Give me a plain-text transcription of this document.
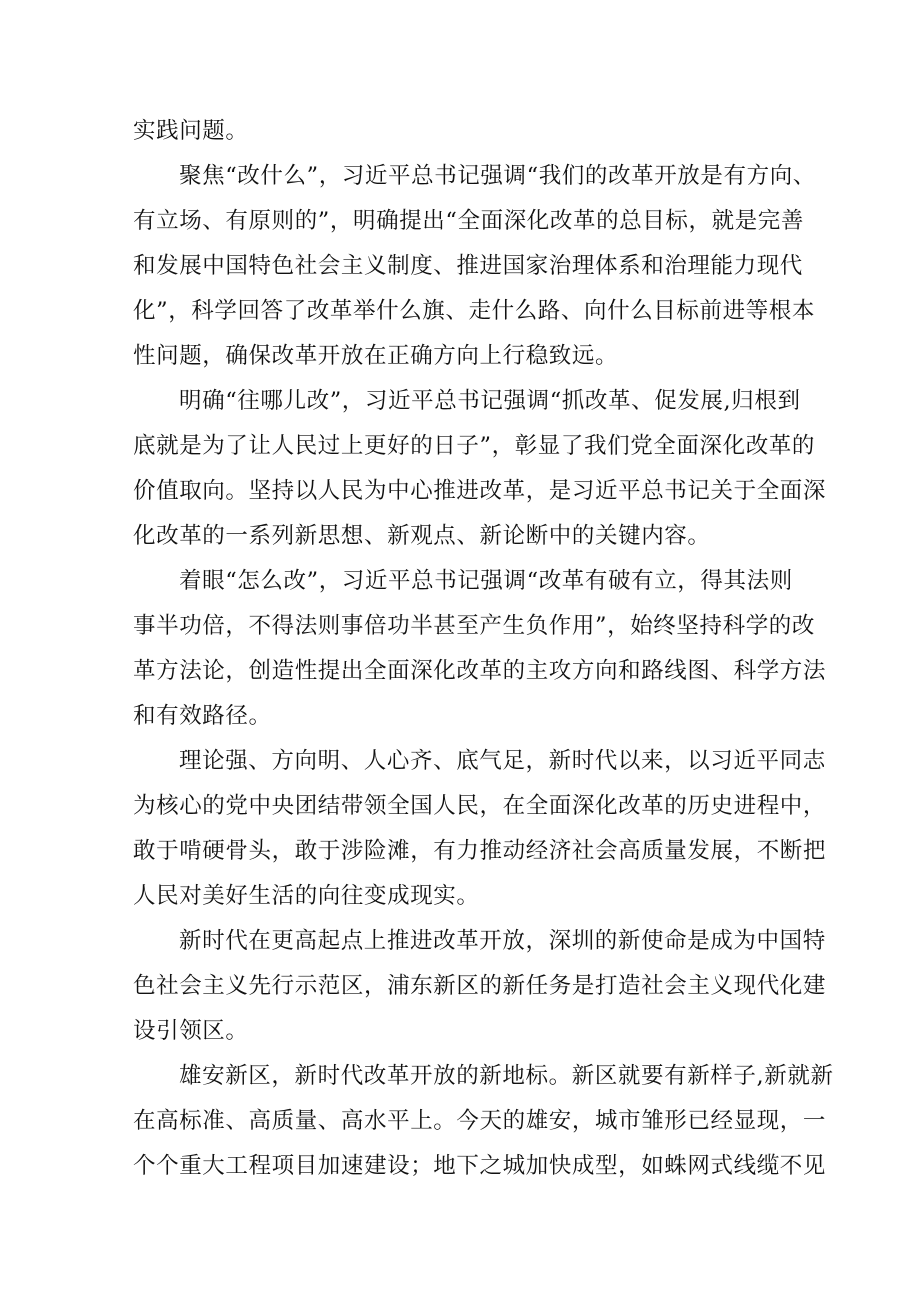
实践问题。

聚焦“改什么”，习近平总书记强调“我们的改革开放是有方向、

有立场、有原则的”，明确提出“全面深化改革的总目标，就是完善

和发展中国特色社会主义制度、推进国家治理体系和治理能力现代

化”，科学回答了改革举什么旗、走什么路、向什么目标前进等根本

性问题，确保改革开放在正确方向上行稳致远。

明确“往哪儿改”，习近平总书记强调“抓改革、促发展,归根到

底就是为了让人民过上更好的日子”，彰显了我们党全面深化改革的

价值取向。坚持以人民为中心推进改革，是习近平总书记关于全面深

化改革的一系列新思想、新观点、新论断中的关键内容。

着眼“怎么改”，习近平总书记强调“改革有破有立，得其法则

事半功倍，不得法则事倍功半甚至产生负作用”，始终坚持科学的改

革方法论，创造性提出全面深化改革的主攻方向和路线图、科学方法

和有效路径。

理论强、方向明、人心齐、底气足，新时代以来，以习近平同志

为核心的党中央团结带领全国人民，在全面深化改革的历史进程中，

敢于啃硬骨头，敢于涉险滩，有力推动经济社会高质量发展，不断把

人民对美好生活的向往变成现实。

新时代在更高起点上推进改革开放，深圳的新使命是成为中国特

色社会主义先行示范区，浦东新区的新任务是打造社会主义现代化建

设引领区。

雄安新区，新时代改革开放的新地标。新区就要有新样子,新就新

在高标准、高质量、高水平上。今天的雄安，城市雏形已经显现，一

个个重大工程项目加速建设；地下之城加快成型，如蛛网式线缆不见
